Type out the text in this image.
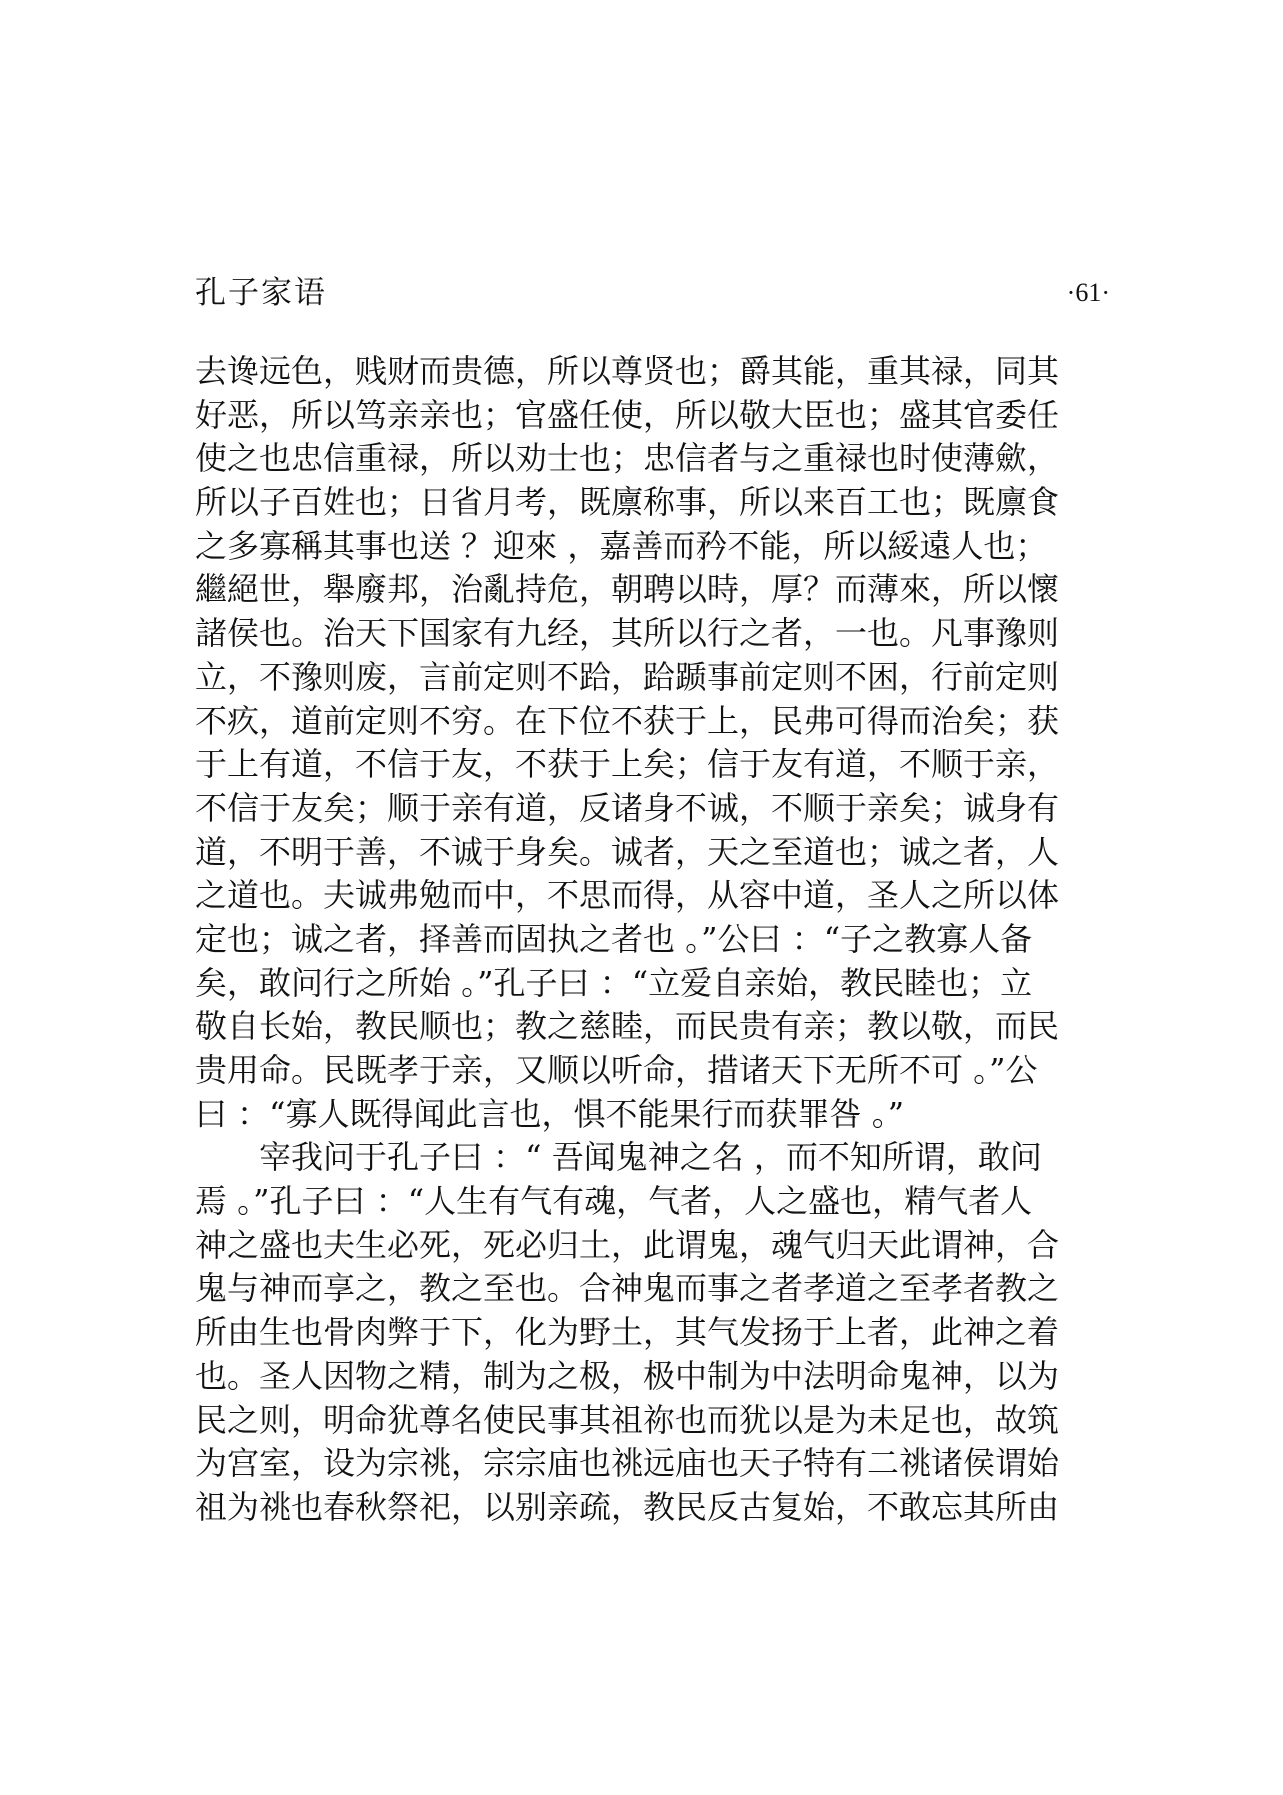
孔子家语	·61·
去谗远色，贱财而贵德，所以尊贤也；爵其能，重其禄，同其
好恶，所以笃亲亲也；官盛任使，所以敬大臣也；盛其官委任
使之也忠信重禄，所以劝士也；忠信者与之重禄也时使薄歛，
所以子百姓也；日省月考，既廪称事，所以来百工也；既廪食
之多寡稱其事也送 ？迎來 ，嘉善而矜不能，所以綏遠人也；
繼絕世，舉廢邦，治亂持危，朝聘以時，厚？而薄來，所以懷
諸侯也。治天下国家有九经，其所以行之者，一也。凡事豫则
立，不豫则废，言前定则不跲，跲踬事前定则不困，行前定则
不疚，道前定则不穷。在下位不获于上，民弗可得而治矣；获
于上有道，不信于友，不获于上矣；信于友有道，不顺于亲，
不信于友矣；顺于亲有道，反诸身不诚，不顺于亲矣；诚身有
道，不明于善，不诚于身矣。诚者，天之至道也；诚之者，人
之道也。夫诚弗勉而中，不思而得，从容中道，圣人之所以体
定也；诚之者，择善而固执之者也 。”公曰 ：“子之教寡人备
矣，敢问行之所始 。”孔子曰 ：“立爱自亲始，教民睦也；立
敬自长始，教民顺也；教之慈睦，而民贵有亲；教以敬，而民
贵用命。民既孝于亲，又顺以听命，措诸天下无所不可 。”公
曰 ：“寡人既得闻此言也，惧不能果行而获罪咎 。”
宰我问于孔子曰 ：“ 吾闻鬼神之名 ，而不知所谓，敢问
焉 。”孔子曰 ：“人生有气有魂，气者，人之盛也，精气者人
神之盛也夫生必死，死必归土，此谓鬼，魂气归天此谓神，合
鬼与神而享之，教之至也。合神鬼而事之者孝道之至孝者教之
所由生也骨肉弊于下，化为野土，其气发扬于上者，此神之着
也。圣人因物之精，制为之极，极中制为中法明命鬼神，以为
民之则，明命犹尊名使民事其祖祢也而犹以是为未足也，故筑
为宫室，设为宗祧，宗宗庙也祧远庙也天子特有二祧诸侯谓始
祖为祧也春秋祭祀，以别亲疏，教民反古复始，不敢忘其所由
